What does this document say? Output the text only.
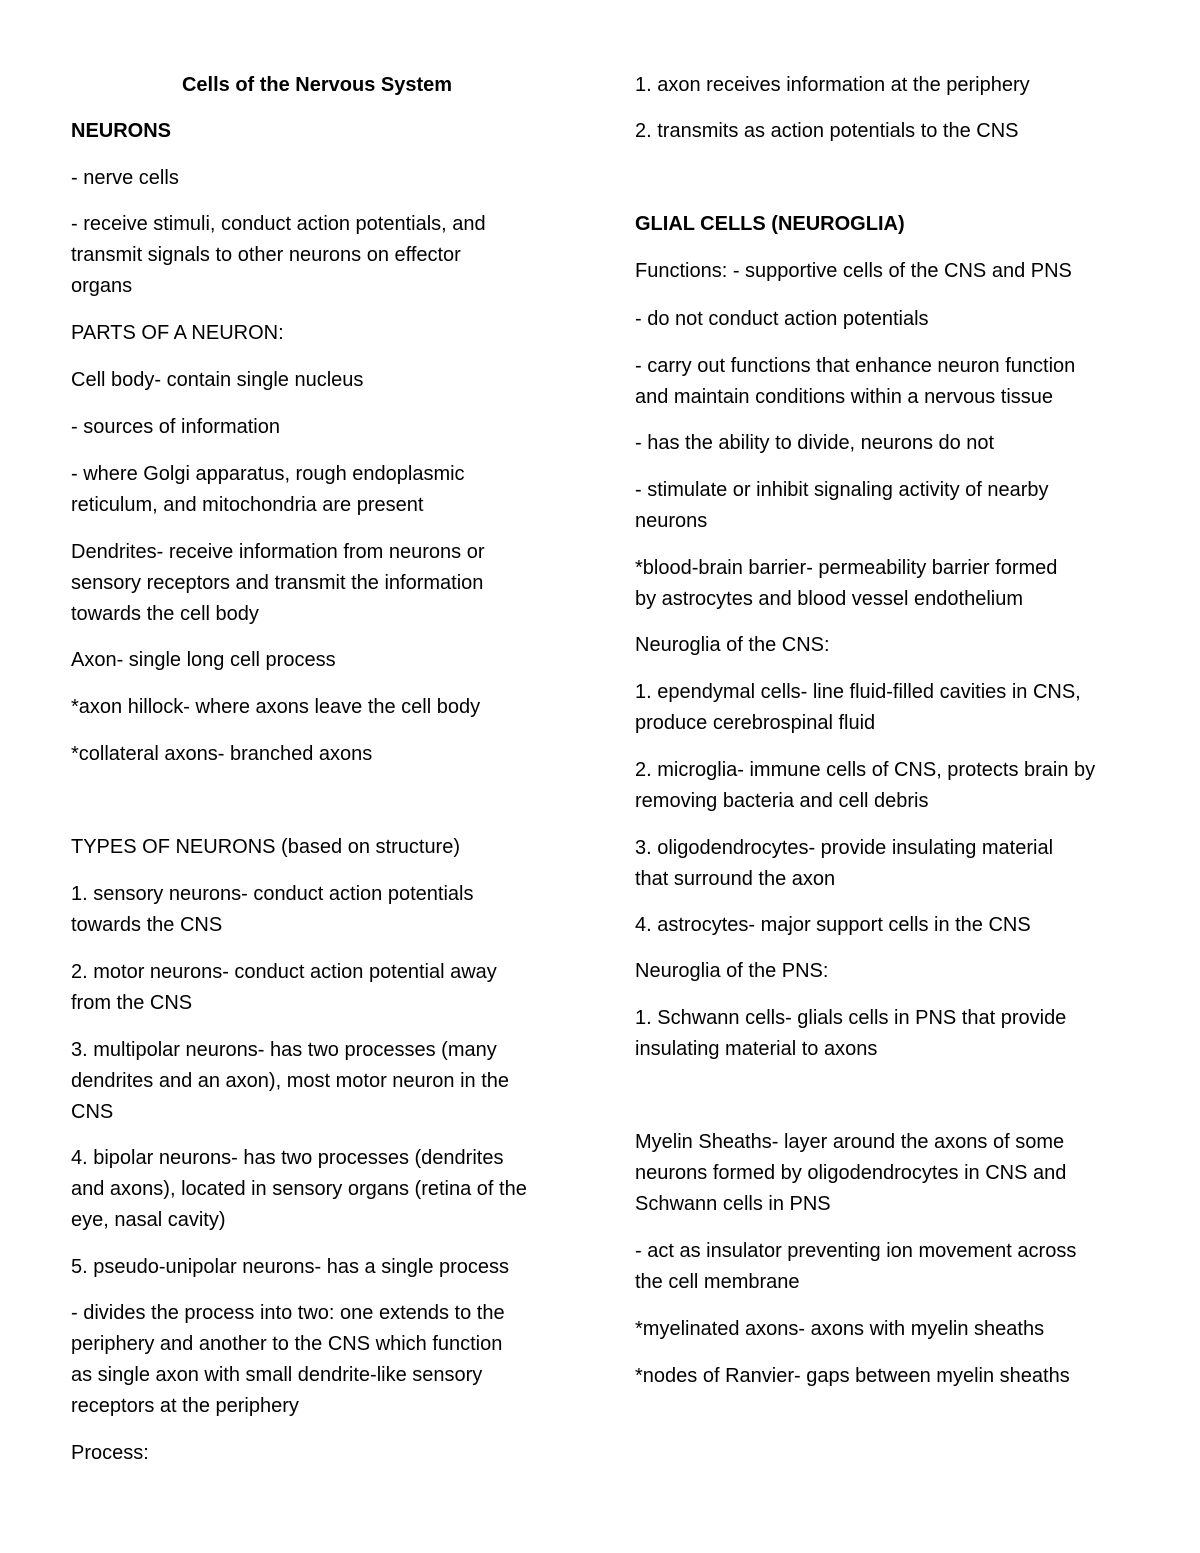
Cells of the Nervous System

NEURONS

- nerve cells

- receive stimuli, conduct action potentials, and
transmit signals to other neurons on effector
organs

PARTS OF A NEURON:

Cell body- contain single nucleus

- sources of information

- where Golgi apparatus, rough endoplasmic
reticulum, and mitochondria are present

Dendrites- receive information from neurons or
sensory receptors and transmit the information
towards the cell body

Axon- single long cell process

*axon hillock- where axons leave the cell body

*collateral axons- branched axons

TYPES OF NEURONS (based on structure)

1. sensory neurons- conduct action potentials
towards the CNS

2. motor neurons- conduct action potential away
from the CNS

3. multipolar neurons- has two processes (many
dendrites and an axon), most motor neuron in the
CNS

4. bipolar neurons- has two processes (dendrites
and axons), located in sensory organs (retina of the
eye, nasal cavity)

5. pseudo-unipolar neurons- has a single process

- divides the process into two: one extends to the
periphery and another to the CNS which function
as single axon with small dendrite-like sensory
receptors at the periphery

Process:

1. axon receives information at the periphery

2. transmits as action potentials to the CNS

GLIAL CELLS (NEUROGLIA)

Functions: - supportive cells of the CNS and PNS

- do not conduct action potentials

- carry out functions that enhance neuron function
and maintain conditions within a nervous tissue

- has the ability to divide, neurons do not

- stimulate or inhibit signaling activity of nearby
neurons

*blood-brain barrier- permeability barrier formed
by astrocytes and blood vessel endothelium

Neuroglia of the CNS:

1. ependymal cells- line fluid-filled cavities in CNS,
produce cerebrospinal fluid

2. microglia- immune cells of CNS, protects brain by
removing bacteria and cell debris

3. oligodendrocytes- provide insulating material
that surround the axon

4. astrocytes- major support cells in the CNS

Neuroglia of the PNS:

1. Schwann cells- glials cells in PNS that provide
insulating material to axons

Myelin Sheaths- layer around the axons of some
neurons formed by oligodendrocytes in CNS and
Schwann cells in PNS

- act as insulator preventing ion movement across
the cell membrane

*myelinated axons- axons with myelin sheaths

*nodes of Ranvier- gaps between myelin sheaths
